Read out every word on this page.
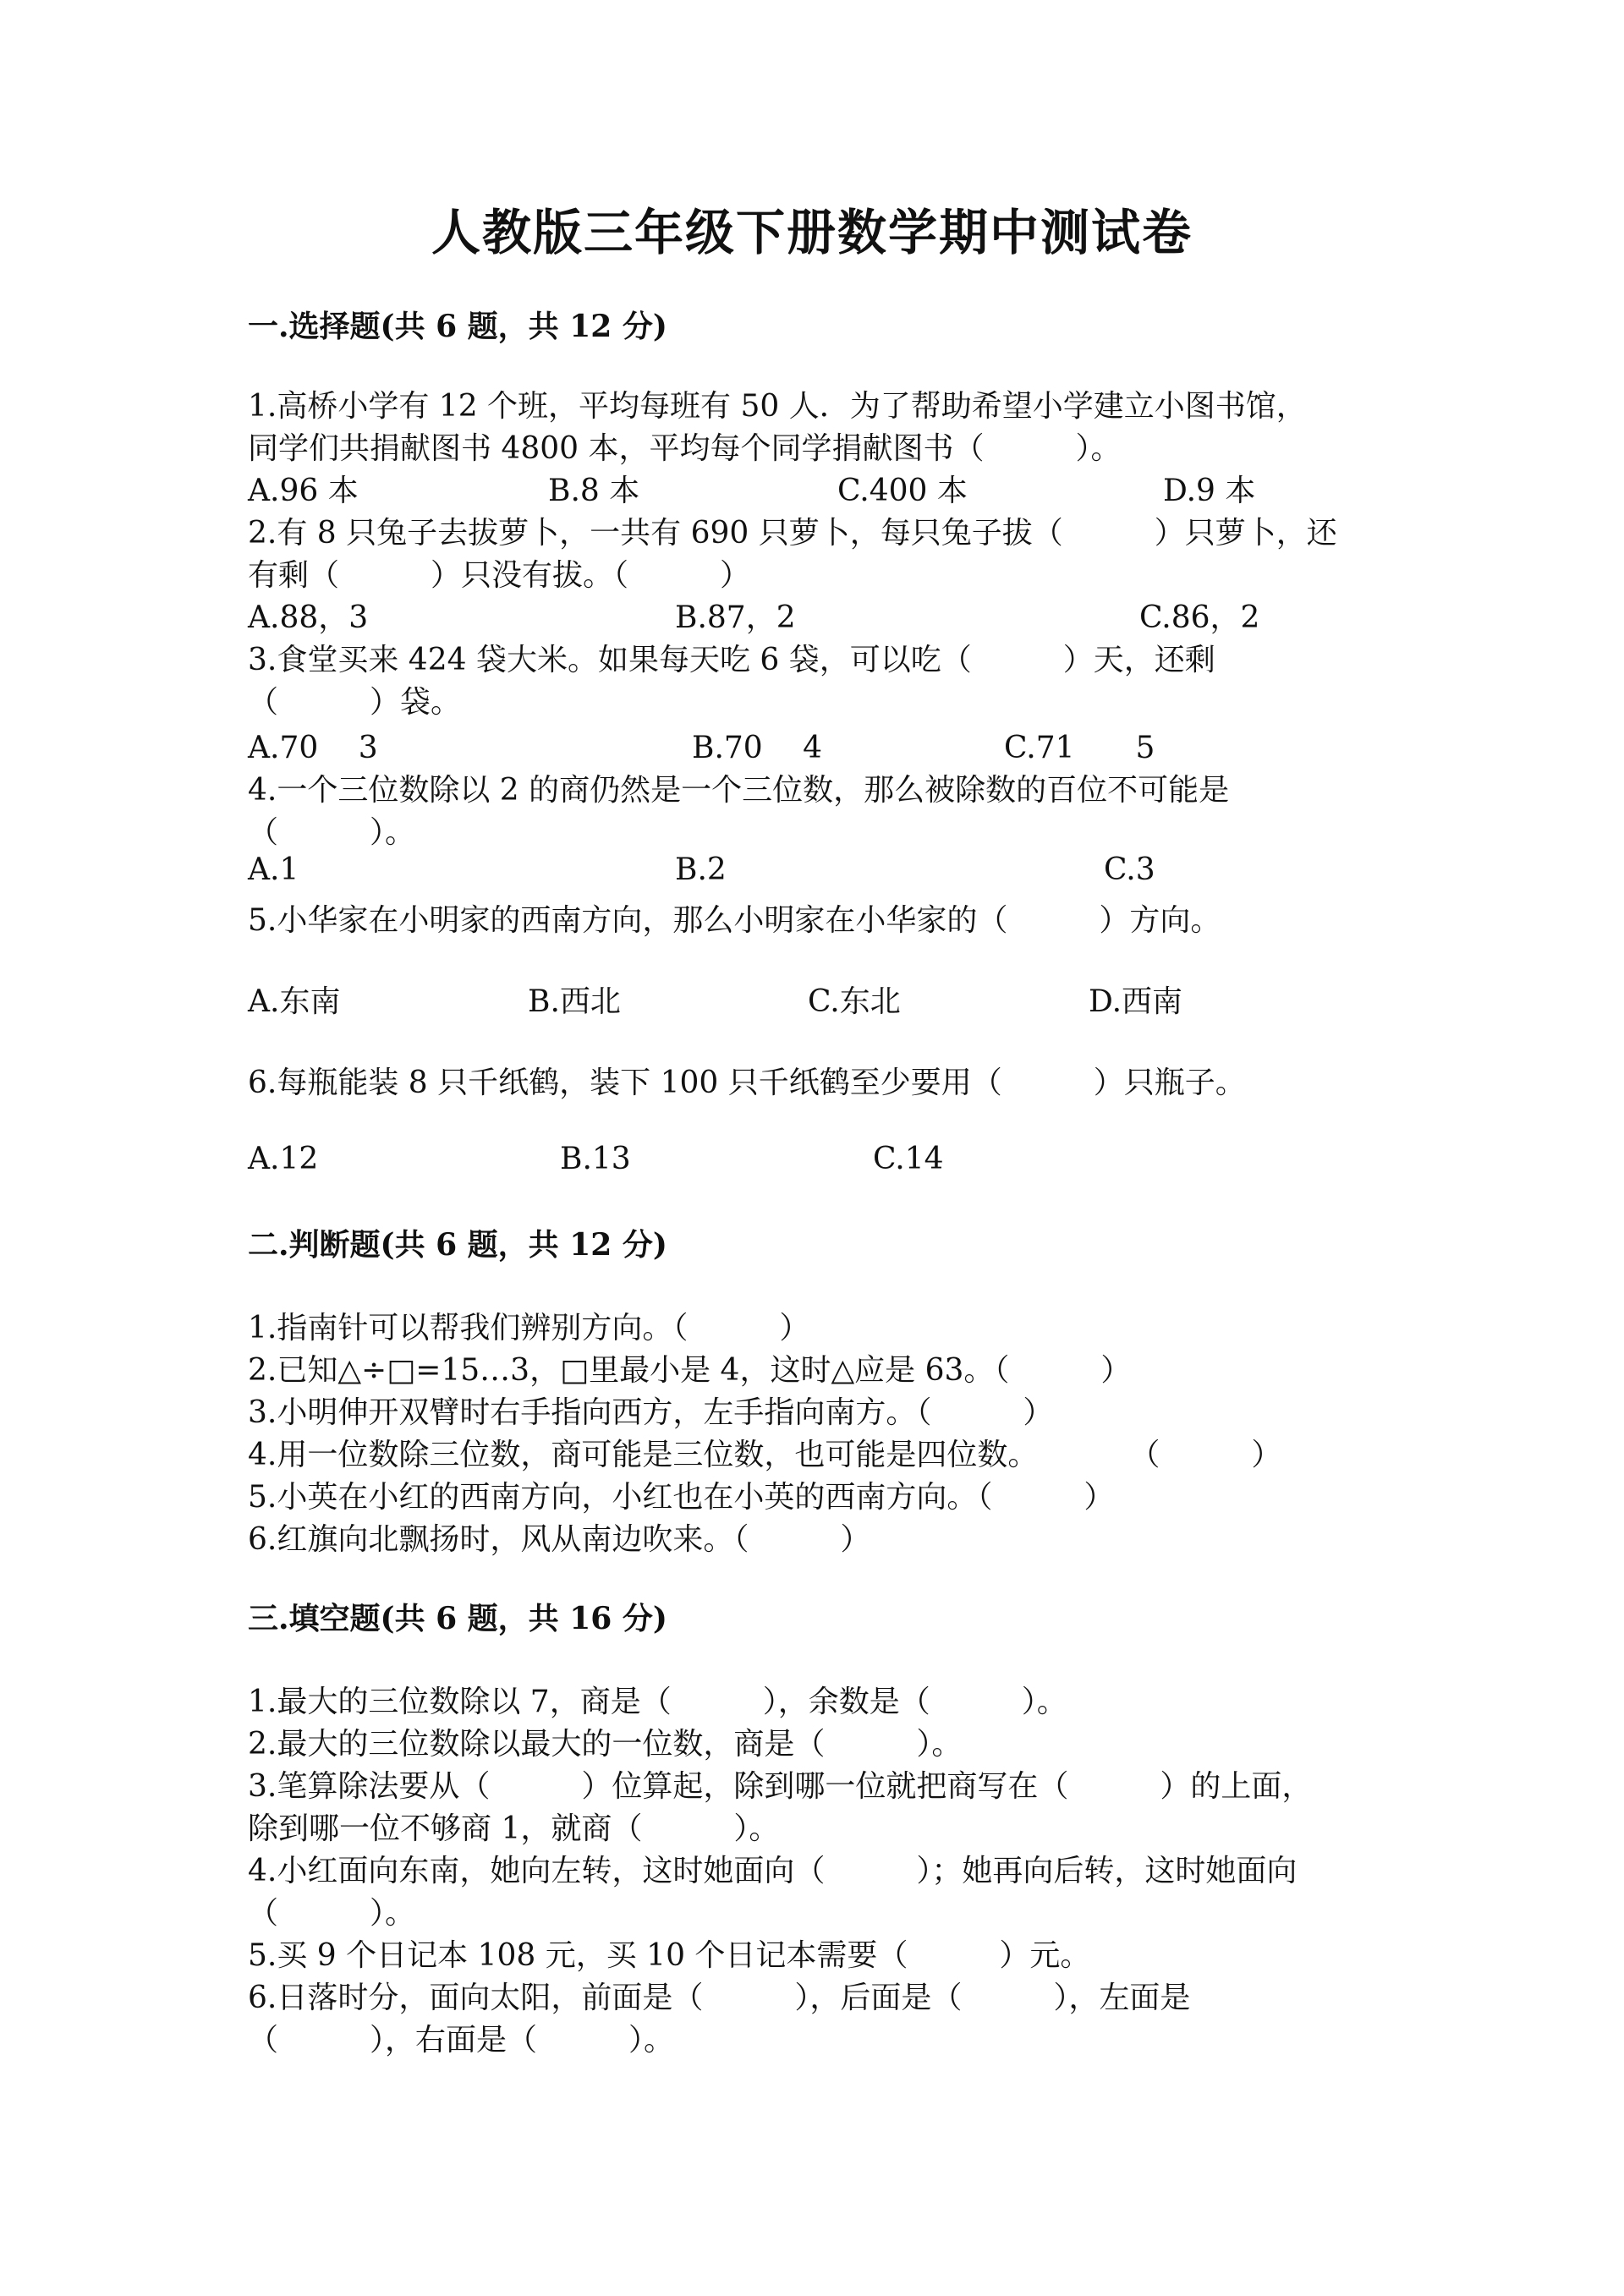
人教版三年级下册数学期中测试卷
一.选择题(共 6 题，共 12 分)
1.高桥小学有 12 个班，平均每班有 50 人．为了帮助希望小学建立小图书馆，
同学们共捐献图书 4800 本，平均每个同学捐献图书（　　　）。
A.96 本	B.8 本	C.400 本	D.9 本
2.有 8 只兔子去拔萝卜，一共有 690 只萝卜，每只兔子拔（　　　）只萝卜，还
有剩（　　　）只没有拔。（　　　）
A.88，3	B.87，2	C.86，2
3.食堂买来 424 袋大米。如果每天吃 6 袋，可以吃（　　　）天，还剩
（　　　）袋。
A.70　 3	B.70　 4	C.71　　5
4.一个三位数除以 2 的商仍然是一个三位数，那么被除数的百位不可能是
（　　　）。
A.1	B.2	C.3
5.小华家在小明家的西南方向，那么小明家在小华家的（　　　）方向。
A.东南	B.西北	C.东北	D.西南
6.每瓶能装 8 只千纸鹤，装下 100 只千纸鹤至少要用（　　　）只瓶子。
A.12	B.13	C.14
二.判断题(共 6 题，共 12 分)
1.指南针可以帮我们辨别方向。（　　　）
2.已知△÷□=15…3，□里最小是 4，这时△应是 63。（　　　）
3.小明伸开双臂时右手指向西方，左手指向南方。（　　　）
4.用一位数除三位数，商可能是三位数，也可能是四位数。　　　　（　　　）
5.小英在小红的西南方向，小红也在小英的西南方向。（　　　）
6.红旗向北飘扬时，风从南边吹来。（　　　）
三.填空题(共 6 题，共 16 分)
1.最大的三位数除以 7，商是（　　　），余数是（　　　）。
2.最大的三位数除以最大的一位数，商是（　　　）。
3.笔算除法要从（　　　）位算起，除到哪一位就把商写在（　　　）的上面，
除到哪一位不够商 1，就商（　　　）。
4.小红面向东南，她向左转，这时她面向（　　　）；她再向后转，这时她面向
（　　　）。
5.买 9 个日记本 108 元，买 10 个日记本需要（　　　）元。
6.日落时分，面向太阳，前面是（　　　），后面是（　　　），左面是
（　　　），右面是（　　　）。
